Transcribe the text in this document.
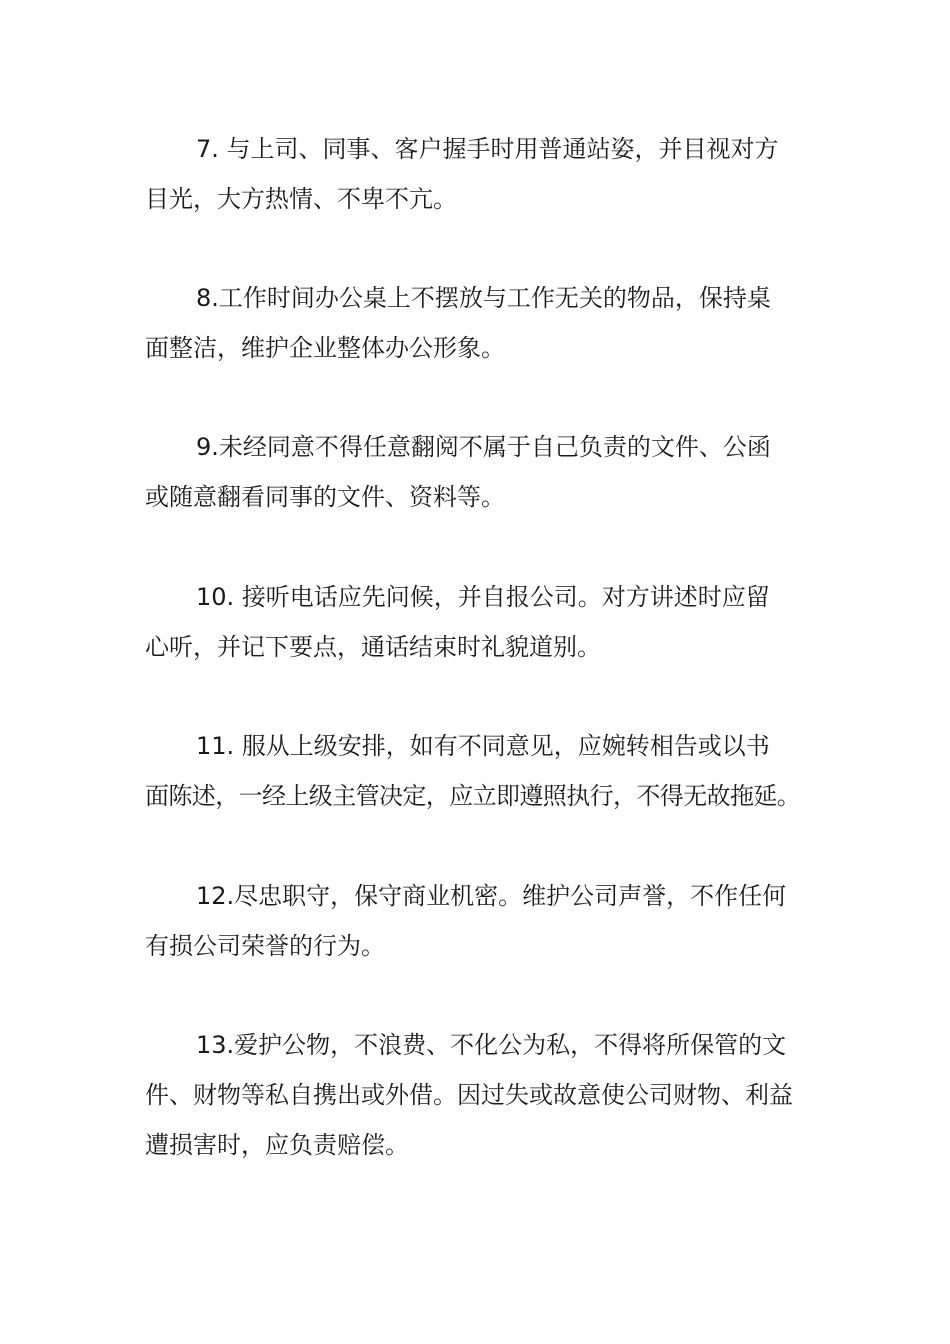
7. 与上司、同事、客户握手时用普通站姿，并目视对方
目光，大方热情、不卑不亢。

8.工作时间办公桌上不摆放与工作无关的物品，保持桌
面整洁，维护企业整体办公形象。

9.未经同意不得任意翻阅不属于自己负责的文件、公函
或随意翻看同事的文件、资料等。

10. 接听电话应先问候，并自报公司。对方讲述时应留
心听，并记下要点，通话结束时礼貌道别。

11. 服从上级安排，如有不同意见，应婉转相告或以书
面陈述，一经上级主管决定，应立即遵照执行，不得无故拖延。

12.尽忠职守，保守商业机密。维护公司声誉，不作任何
有损公司荣誉的行为。

13.爱护公物，不浪费、不化公为私，不得将所保管的文
件、财物等私自携出或外借。因过失或故意使公司财物、利益
遭损害时，应负责赔偿。
